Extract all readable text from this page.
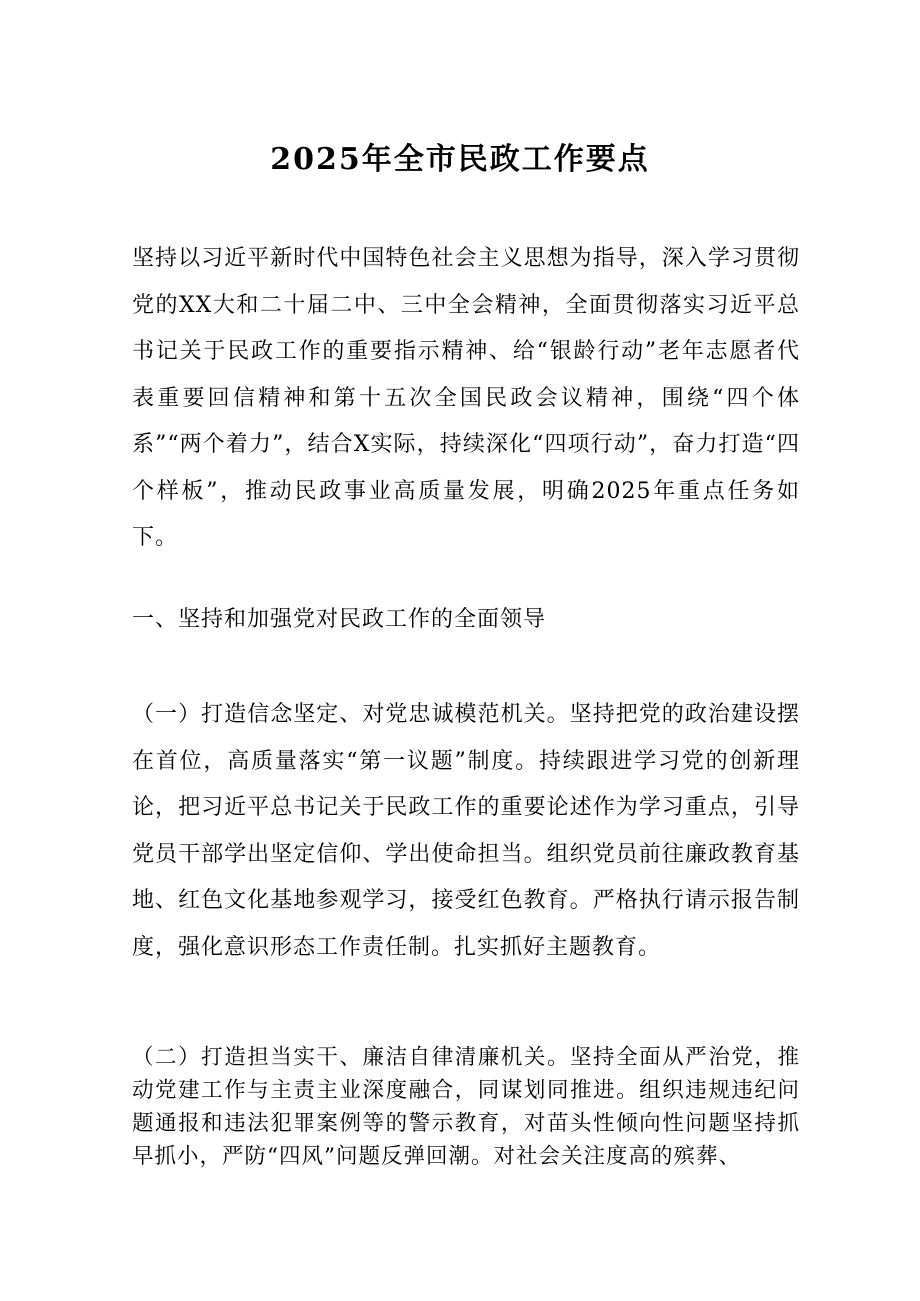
2025年全市民政工作要点

坚持以习近平新时代中国特色社会主义思想为指导，深入学习贯彻党的XX大和二十届二中、三中全会精神，全面贯彻落实习近平总书记关于民政工作的重要指示精神、给“银龄行动”老年志愿者代表重要回信精神和第十五次全国民政会议精神，围绕“四个体系”“两个着力”，结合X实际，持续深化“四项行动”，奋力打造“四个样板”，推动民政事业高质量发展，明确2025年重点任务如下。

一、坚持和加强党对民政工作的全面领导

（一）打造信念坚定、对党忠诚模范机关。坚持把党的政治建设摆在首位，高质量落实“第一议题”制度。持续跟进学习党的创新理论，把习近平总书记关于民政工作的重要论述作为学习重点，引导党员干部学出坚定信仰、学出使命担当。组织党员前往廉政教育基地、红色文化基地参观学习，接受红色教育。严格执行请示报告制度，强化意识形态工作责任制。扎实抓好主题教育。

（二）打造担当实干、廉洁自律清廉机关。坚持全面从严治党，推动党建工作与主责主业深度融合，同谋划同推进。组织违规违纪问题通报和违法犯罪案例等的警示教育，对苗头性倾向性问题坚持抓早抓小，严防“四风”问题反弹回潮。对社会关注度高的殡葬、
